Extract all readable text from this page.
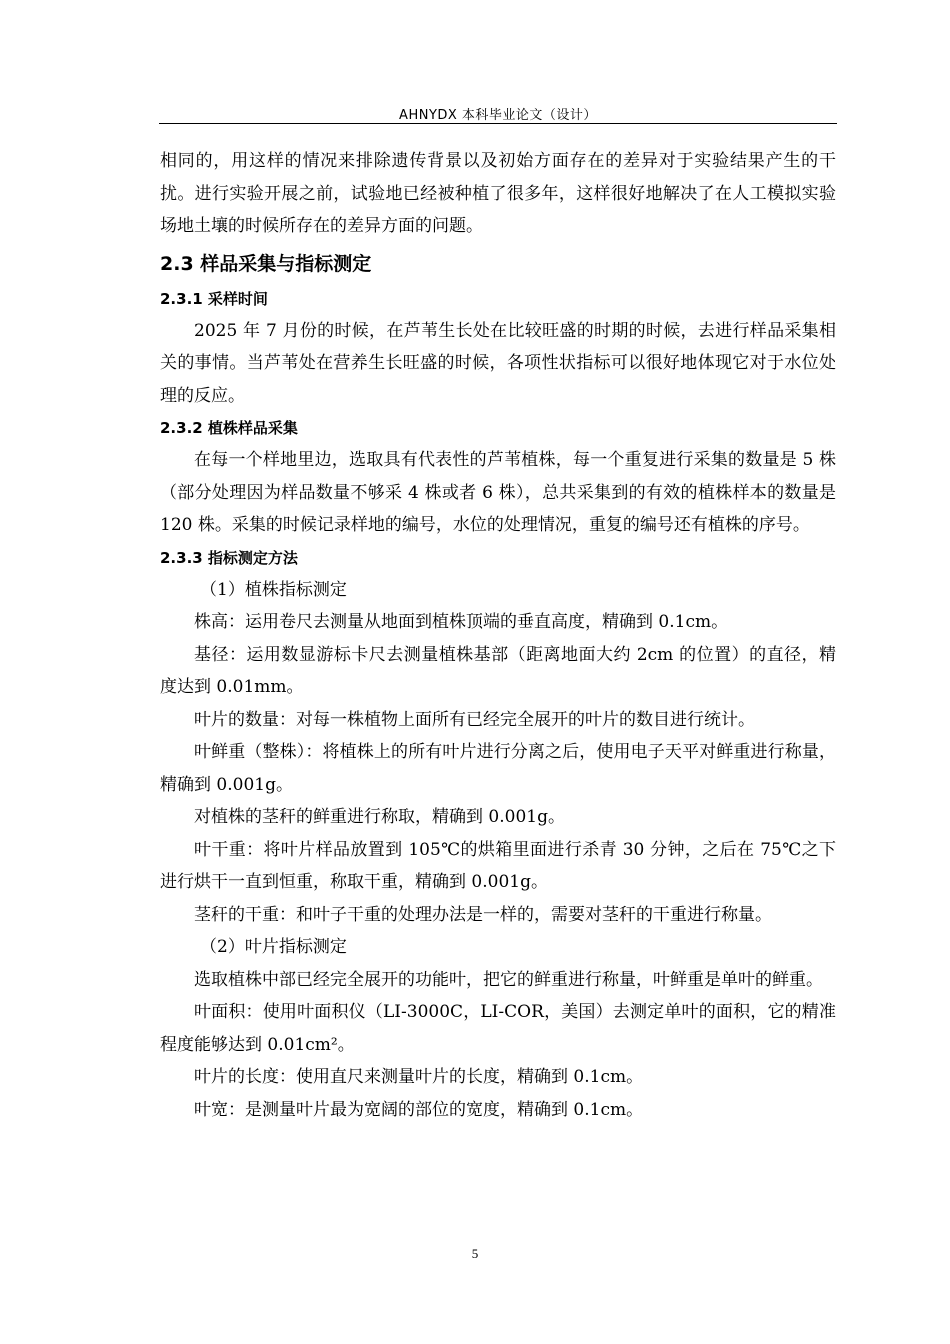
AHNYDX 本科毕业论文（设计）

相同的，用这样的情况来排除遗传背景以及初始方面存在的差异对于实验结果产生的干扰。进行实验开展之前，试验地已经被种植了很多年，这样很好地解决了在人工模拟实验场地土壤的时候所存在的差异方面的问题。

2.3 样品采集与指标测定
2.3.1 采样时间

2025 年 7 月份的时候，在芦苇生长处在比较旺盛的时期的时候，去进行样品采集相关的事情。当芦苇处在营养生长旺盛的时候，各项性状指标可以很好地体现它对于水位处理的反应。

2.3.2 植株样品采集

在每一个样地里边，选取具有代表性的芦苇植株，每一个重复进行采集的数量是 5 株（部分处理因为样品数量不够采 4 株或者 6 株），总共采集到的有效的植株样本的数量是 120 株。采集的时候记录样地的编号，水位的处理情况，重复的编号还有植株的序号。

2.3.3 指标测定方法

（1）植株指标测定

株高：运用卷尺去测量从地面到植株顶端的垂直高度，精确到 0.1cm。

基径：运用数显游标卡尺去测量植株基部（距离地面大约 2cm 的位置）的直径，精度达到 0.01mm。

叶片的数量：对每一株植物上面所有已经完全展开的叶片的数目进行统计。

叶鲜重（整株）：将植株上的所有叶片进行分离之后，使用电子天平对鲜重进行称量，精确到 0.001g。

对植株的茎秆的鲜重进行称取，精确到 0.001g。

叶干重：将叶片样品放置到 105℃的烘箱里面进行杀青 30 分钟，之后在 75℃之下进行烘干一直到恒重，称取干重，精确到 0.001g。

茎秆的干重：和叶子干重的处理办法是一样的，需要对茎秆的干重进行称量。

（2）叶片指标测定

选取植株中部已经完全展开的功能叶，把它的鲜重进行称量，叶鲜重是单叶的鲜重。

叶面积：使用叶面积仪（LI-3000C，LI-COR，美国）去测定单叶的面积，它的精准程度能够达到 0.01cm²。

叶片的长度：使用直尺来测量叶片的长度，精确到 0.1cm。

叶宽：是测量叶片最为宽阔的部位的宽度，精确到 0.1cm。

5
